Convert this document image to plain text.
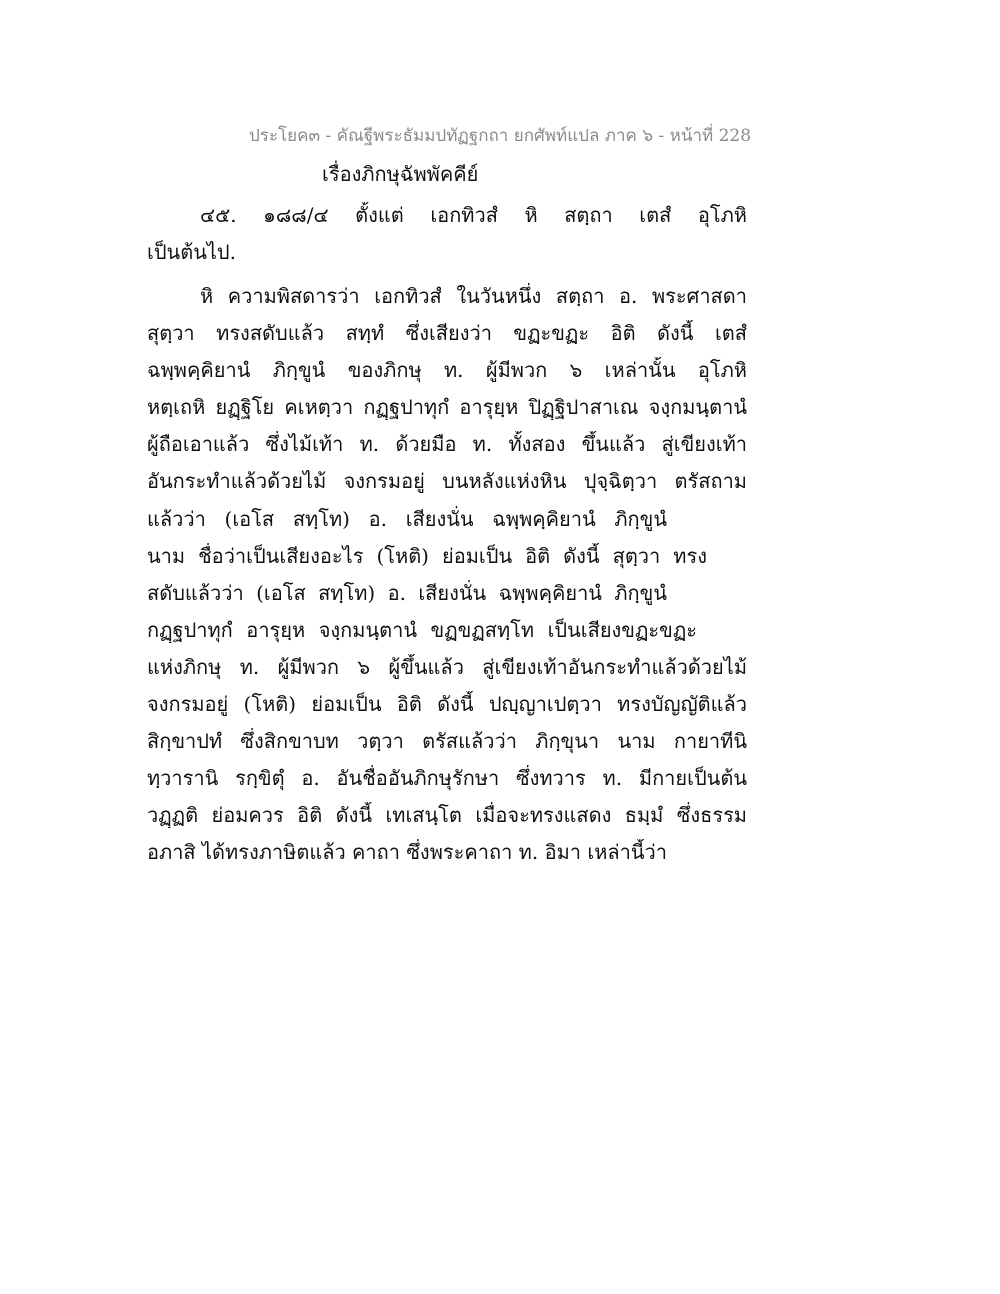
ประโยค๓ - คัณฐีพระธัมมปทัฏฐกถา ยกศัพท์แปล ภาค ๖ - หน้าที่ 228
เรื่องภิกษุฉัพพัคคีย์
๔๕. ๑๘๘/๔ ตั้งแต่ เอกทิวสํ หิ สตฺถา เตสํ อุโภหิ
เป็นต้นไป.
หิ ความพิสดารว่า เอกทิวสํ ในวันหนึ่ง สตฺถา อ. พระศาสดา
สุตฺวา ทรงสดับแล้ว สทฺทํ ซึ่งเสียงว่า ขฏะขฏะ อิติ ดังนี้ เตสํ
ฉพฺพคฺคิยานํ ภิกฺขูนํ ของภิกษุ ท. ผู้มีพวก ๖ เหล่านั้น อุโภหิ
หตฺเถหิ ยฏฺฐิโย คเหตฺวา กฏฺฐปาทุกํ อารุยฺห ปิฏฺฐิปาสาเณ จงฺกมนฺตานํ
ผู้ถือเอาแล้ว ซึ่งไม้เท้า ท. ด้วยมือ ท. ทั้งสอง ขึ้นแล้ว สู่เขียงเท้า
อันกระทำแล้วด้วยไม้ จงกรมอยู่ บนหลังแห่งหิน ปุจฺฉิตฺวา ตรัสถาม
แล้วว่า (เอโส สทฺโท) อ. เสียงนั่น ฉพฺพคฺคิยานํ ภิกฺขูนํ
นาม ชื่อว่าเป็นเสียงอะไร (โหติ) ย่อมเป็น อิติ ดังนี้ สุตฺวา ทรง
สดับแล้วว่า (เอโส สทฺโท) อ. เสียงนั่น ฉพฺพคฺคิยานํ ภิกฺขูนํ
กฏฺฐปาทุกํ อารุยฺห จงฺกมนฺตานํ ขฏขฏสทฺโท เป็นเสียงขฏะขฏะ
แห่งภิกษุ ท. ผู้มีพวก ๖ ผู้ขึ้นแล้ว สู่เขียงเท้าอันกระทำแล้วด้วยไม้
จงกรมอยู่ (โหติ) ย่อมเป็น อิติ ดังนี้ ปญฺญาเปตฺวา ทรงบัญญัติแล้ว
สิกฺขาปทํ ซึ่งสิกขาบท วตฺวา ตรัสแล้วว่า ภิกฺขุนา นาม กายาทีนิ
ทฺวารานิ รกฺขิตุํ อ. อันชื่ออันภิกษุรักษา ซึ่งทวาร ท. มีกายเป็นต้น
วฏฺฏติ ย่อมควร อิติ ดังนี้ เทเสนฺโต เมื่อจะทรงแสดง ธมฺมํ ซึ่งธรรม
อภาสิ ได้ทรงภาษิตแล้ว คาถา ซึ่งพระคาถา ท. อิมา เหล่านี้ว่า
